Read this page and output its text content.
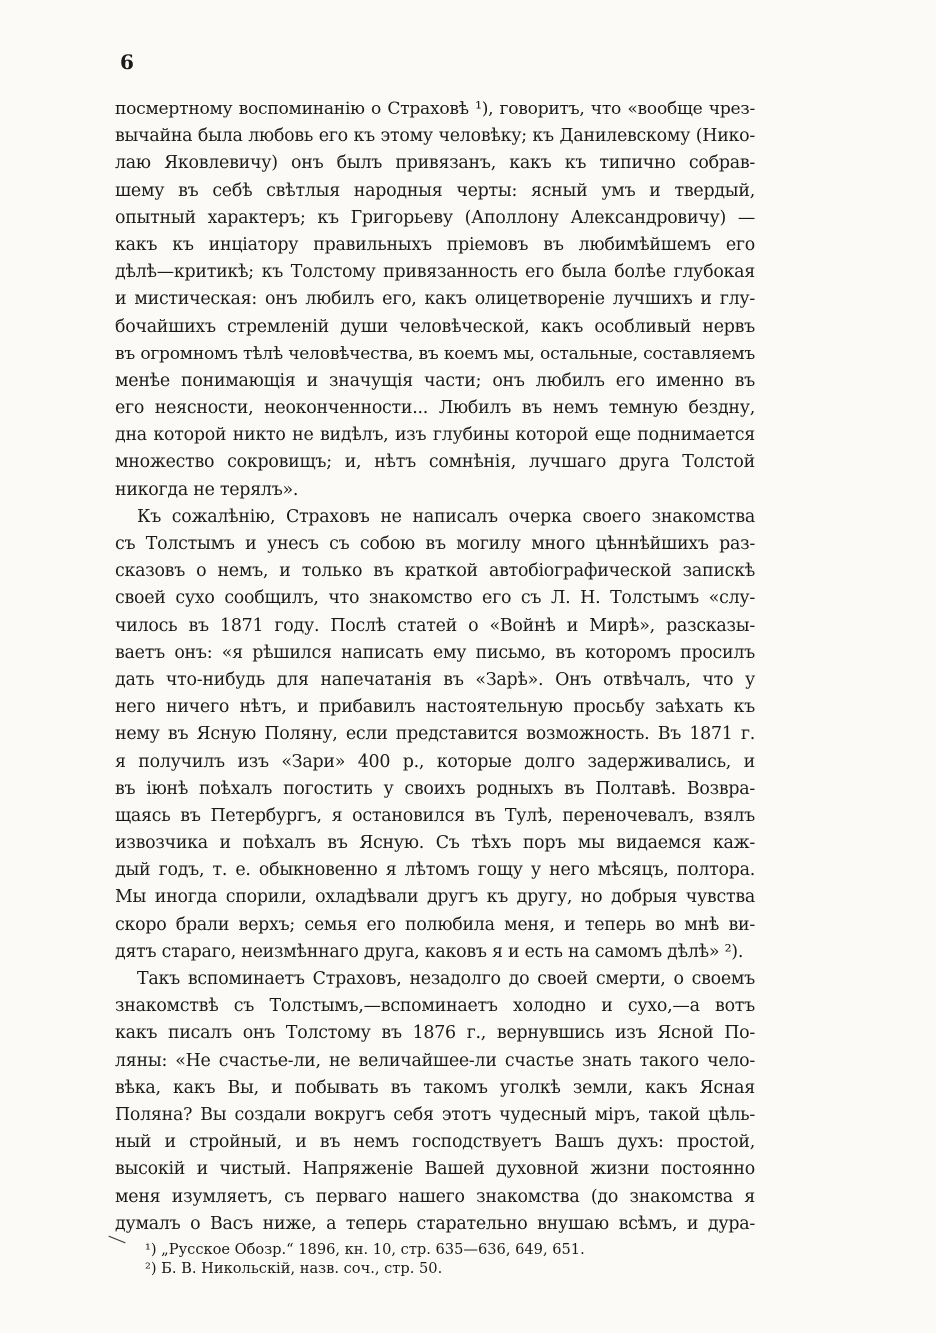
6
посмертному воспоминанію о Страховѣ ¹), говоритъ, что «вообще чрез-
вычайна была любовь его къ этому человѣку; къ Данилевскому (Нико-
лаю Яковлевичу) онъ былъ привязанъ, какъ къ типично собрав-
шему въ себѣ свѣтлыя народныя черты: ясный умъ и твердый,
опытный характеръ; къ Григорьеву (Аполлону Александровичу) —
какъ къ инціатору правильныхъ пріемовъ въ любимѣйшемъ его
дѣлѣ—критикѣ; къ Толстому привязанность его была болѣе глубокая
и мистическая: онъ любилъ его, какъ олицетвореніе лучшихъ и глу-
бочайшихъ стремленій души человѣческой, какъ особливый нервъ
въ огромномъ тѣлѣ человѣчества, въ коемъ мы, остальные, составляемъ
менѣе понимающія и значущія части; онъ любилъ его именно въ
его неясности, неоконченности... Любилъ въ немъ темную бездну,
дна которой никто не видѣлъ, изъ глубины которой еще поднимается
множество сокровищъ; и, нѣтъ сомнѣнія, лучшаго друга Толстой
никогда не терялъ».
Къ сожалѣнію, Страховъ не написалъ очерка своего знакомства
съ Толстымъ и унесъ съ собою въ могилу много цѣннѣйшихъ раз-
сказовъ о немъ, и только въ краткой автобіографической запискѣ
своей сухо сообщилъ, что знакомство его съ Л. Н. Толстымъ «слу-
чилось въ 1871 году. Послѣ статей о «Войнѣ и Мирѣ», разсказы-
ваетъ онъ: «я рѣшился написать ему письмо, въ которомъ просилъ
дать что-нибудь для напечатанія въ «Зарѣ». Онъ отвѣчалъ, что у
него ничего нѣтъ, и прибавилъ настоятельную просьбу заѣхать къ
нему въ Ясную Поляну, если представится возможность. Въ 1871 г.
я получилъ изъ «Зари» 400 р., которые долго задерживались, и
въ іюнѣ поѣхалъ погостить у своихъ родныхъ въ Полтавѣ. Возвра-
щаясь въ Петербургъ, я остановился въ Тулѣ, переночевалъ, взялъ
извозчика и поѣхалъ въ Ясную. Съ тѣхъ поръ мы видаемся каж-
дый годъ, т. е. обыкновенно я лѣтомъ гощу у него мѣсяцъ, полтора.
Мы иногда спорили, охладѣвали другъ къ другу, но добрыя чувства
скоро брали верхъ; семья его полюбила меня, и теперь во мнѣ ви-
дятъ стараго, неизмѣннаго друга, каковъ я и есть на самомъ дѣлѣ» ²).
Такъ вспоминаетъ Страховъ, незадолго до своей смерти, о своемъ
знакомствѣ съ Толстымъ,—вспоминаетъ холодно и сухо,—а вотъ
какъ писалъ онъ Толстому въ 1876 г., вернувшись изъ Ясной По-
ляны: «Не счастье-ли, не величайшее-ли счастье знать такого чело-
вѣка, какъ Вы, и побывать въ такомъ уголкѣ земли, какъ Ясная
Поляна? Вы создали вокругъ себя этотъ чудесный міръ, такой цѣль-
ный и стройный, и въ немъ господствуетъ Вашъ духъ: простой,
высокій и чистый. Напряженіе Вашей духовной жизни постоянно
меня изумляетъ, съ перваго нашего знакомства (до знакомства я
думалъ о Васъ ниже, а теперь старательно внушаю всѣмъ, и дура-
¹) „Русское Обозр.“ 1896, кн. 10, стр. 635—636, 649, 651.
²) Б. В. Никольскій, назв. соч., стр. 50.
